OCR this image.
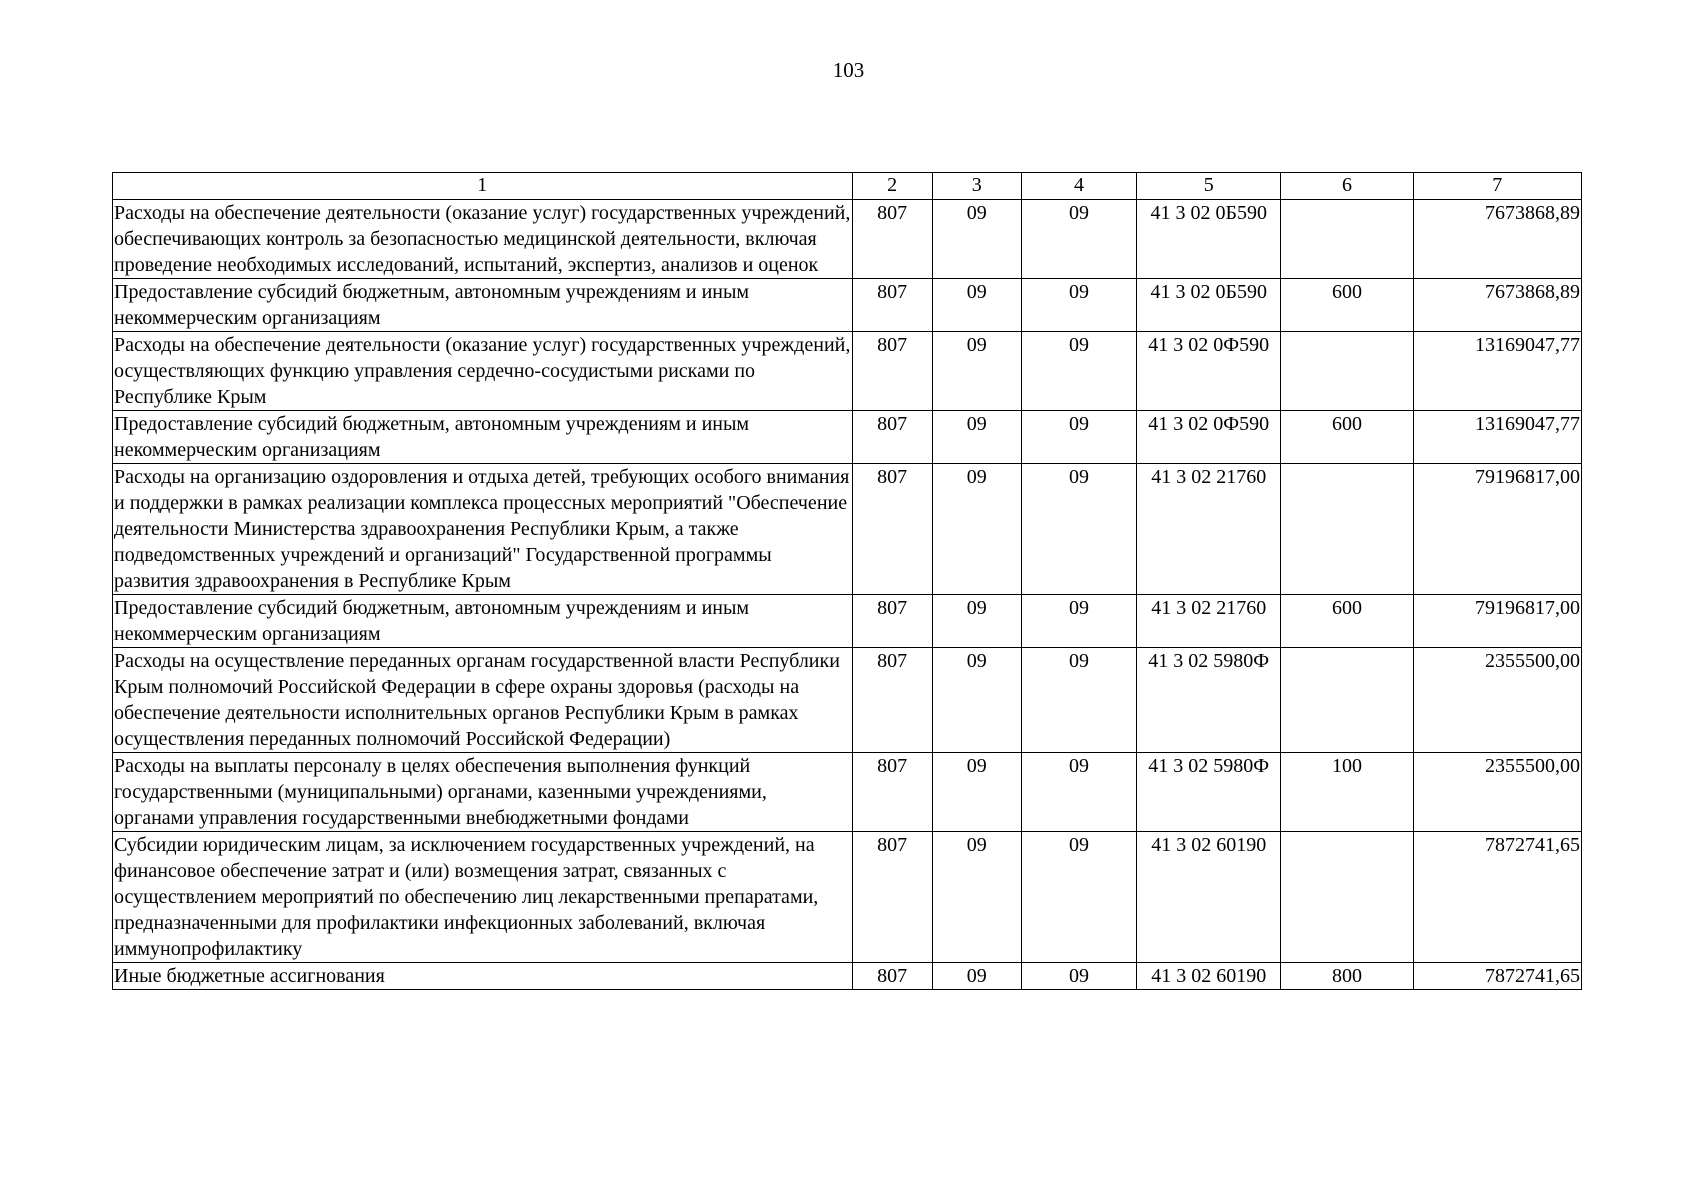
103
1	2	3	4	5	6	7
Расходы на обеспечение деятельности (оказание услуг) государственных учреждений, обеспечивающих контроль за безопасностью медицинской деятельности, включая проведение необходимых исследований, испытаний, экспертиз, анализов и оценок	807	09	09	41 3 02 0Б590		7673868,89
Предоставление субсидий бюджетным, автономным учреждениям и иным некоммерческим организациям	807	09	09	41 3 02 0Б590	600	7673868,89
Расходы на обеспечение деятельности (оказание услуг) государственных учреждений, осуществляющих функцию управления сердечно-сосудистыми рисками по Республике Крым	807	09	09	41 3 02 0Ф590		13169047,77
Предоставление субсидий бюджетным, автономным учреждениям и иным некоммерческим организациям	807	09	09	41 3 02 0Ф590	600	13169047,77
Расходы на организацию оздоровления и отдыха детей, требующих особого внимания и поддержки в рамках реализации комплекса процессных мероприятий "Обеспечение деятельности Министерства здравоохранения Республики Крым, а также подведомственных учреждений и организаций" Государственной программы развития здравоохранения в Республике Крым	807	09	09	41 3 02 21760		79196817,00
Предоставление субсидий бюджетным, автономным учреждениям и иным некоммерческим организациям	807	09	09	41 3 02 21760	600	79196817,00
Расходы на осуществление переданных органам государственной власти Республики Крым полномочий Российской Федерации в сфере охраны здоровья (расходы на обеспечение деятельности исполнительных органов Республики Крым в рамках осуществления переданных полномочий Российской Федерации)	807	09	09	41 3 02 5980Ф		2355500,00
Расходы на выплаты персоналу в целях обеспечения выполнения функций государственными (муниципальными) органами, казенными учреждениями, органами управления государственными внебюджетными фондами	807	09	09	41 3 02 5980Ф	100	2355500,00
Субсидии юридическим лицам, за исключением государственных учреждений, на финансовое обеспечение затрат и (или) возмещения затрат, связанных с осуществлением мероприятий по обеспечению лиц лекарственными препаратами, предназначенными для профилактики инфекционных заболеваний, включая иммунопрофилактику	807	09	09	41 3 02 60190		7872741,65
Иные бюджетные ассигнования	807	09	09	41 3 02 60190	800	7872741,65
